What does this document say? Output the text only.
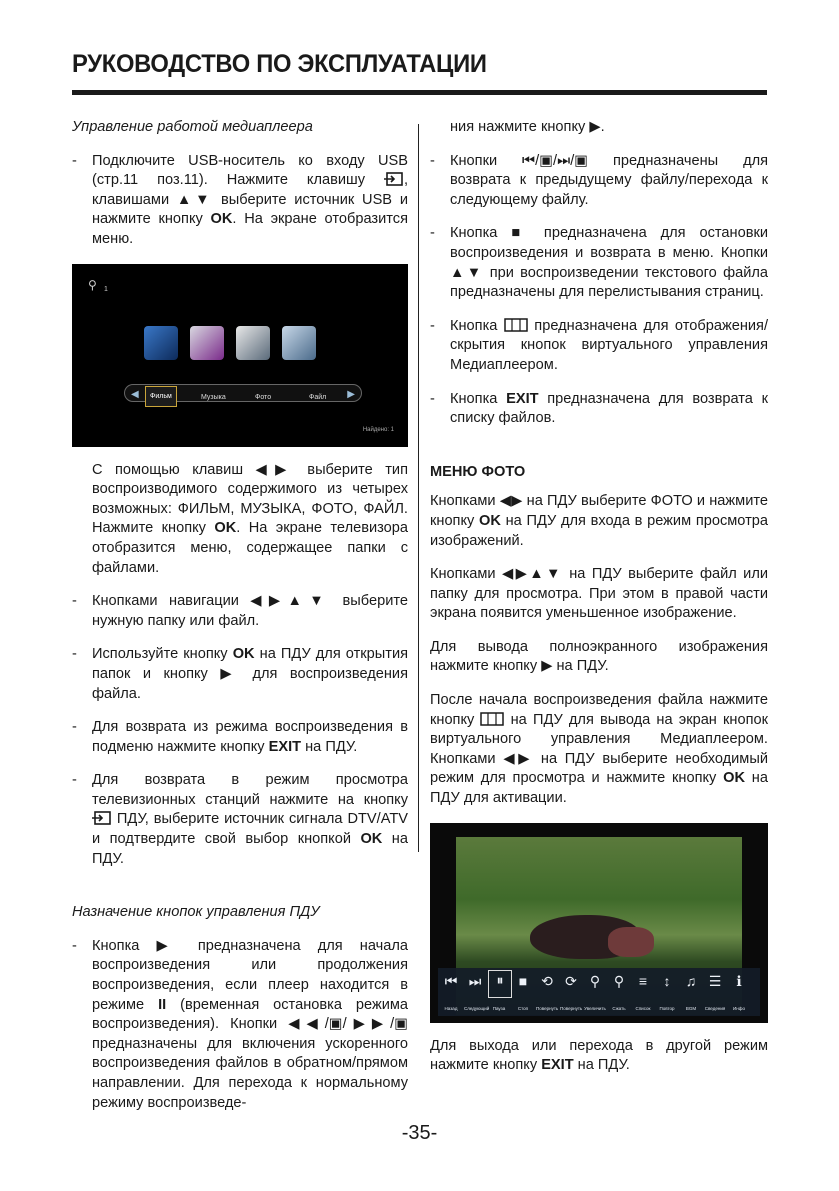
РУКОВОДСТВО ПО ЭКСПЛУАТАЦИИ
Управление работой медиаплеера
- Подключите USB-носитель ко входу USB (стр.11 поз.11). Нажмите клавишу , клавишами ▲▼ выберите источник USB и нажмите кнопку OK. На экране отобразится меню.
⚲	1
◀	Фильм	Музыка	Фото	Файл ▶
Найдено: 1
С помощью клавиш ◀▶ выберите тип воспроизводимого содержимого из четырех возможных: ФИЛЬМ, МУЗЫКА, ФОТО, ФАЙЛ. Нажмите кнопку OK. На экране телевизора отобразится меню, содержащее папки с файлами.
- Кнопками навигации ◀▶▲▼ выберите нужную папку или файл.
- Используйте кнопку OK на ПДУ для открытия папок и кнопку ▶ для воспроизведения файла.
- Для возврата из режима воспроизведения в подменю нажмите кнопку EXIT на ПДУ.
- Для возврата в режим просмотра телевизионных станций нажмите на кнопку  ПДУ, выберите источник сигнала DTV/ATV и подтвердите свой выбор кнопкой OK на ПДУ.
Назначение кнопок управления ПДУ
- Кнопка ▶ предназначена для начала воспроизведения или продолжения воспроизведения, если плеер находится в режиме II (временная остановка режима воспроизведения). Кнопки ◀◀/▣/▶▶/▣ предназначены для включения ускоренного воспроизведения файлов в обратном/прямом направлении. Для перехода к нормальному режиму воспроизведе-
ния нажмите кнопку ▶.
- Кнопки ⏮/▣/⏭/▣ предназначены для возврата к предыдущему файлу/переходa к следующему файлу.
- Кнопка ■ предназначена для остановки воспроизведения и возврата в меню. Кнопки ▲▼ при воспроизведении текстового файла предназначены для перелистывания страниц.
- Кнопка  предназначена для отображения/скрытия кнопок виртуального управления Медиаплеером.
- Кнопка EXIT предназначена для возврата к списку файлов.
МЕНЮ ФОТО
Кнопками ◀▶ на ПДУ выберите ФОТО и нажмите кнопку OK на ПДУ для входа в режим просмотра изображений.
Кнопками ◀▶▲▼ на ПДУ выберите файл или папку для просмотра. При этом в правой части экрана появится уменьшенное изображение.
Для вывода полноэкранного изображения нажмите кнопку ▶ на ПДУ.
После начала воспроизведения файла нажмите кнопку  на ПДУ для вывода на экран кнопок виртуального управления Медиаплеером. Кнопками ◀▶ на ПДУ выберите необходимый режим для просмотра и нажмите кнопку OK на ПДУ для активации.
⏮ ⏭	⏸	■ ⟲ ⟳ ⚲ ⚲	≡	↕	♫ ☰	ℹ
Назад	Следующий Пауза	Стоп	Повернуть Повернуть Увеличить	Сжать	Список	Повтор	BGM	Сведения	Инфо
Для выхода или перехода в другой режим нажмите кнопку EXIT на ПДУ.
-35-
